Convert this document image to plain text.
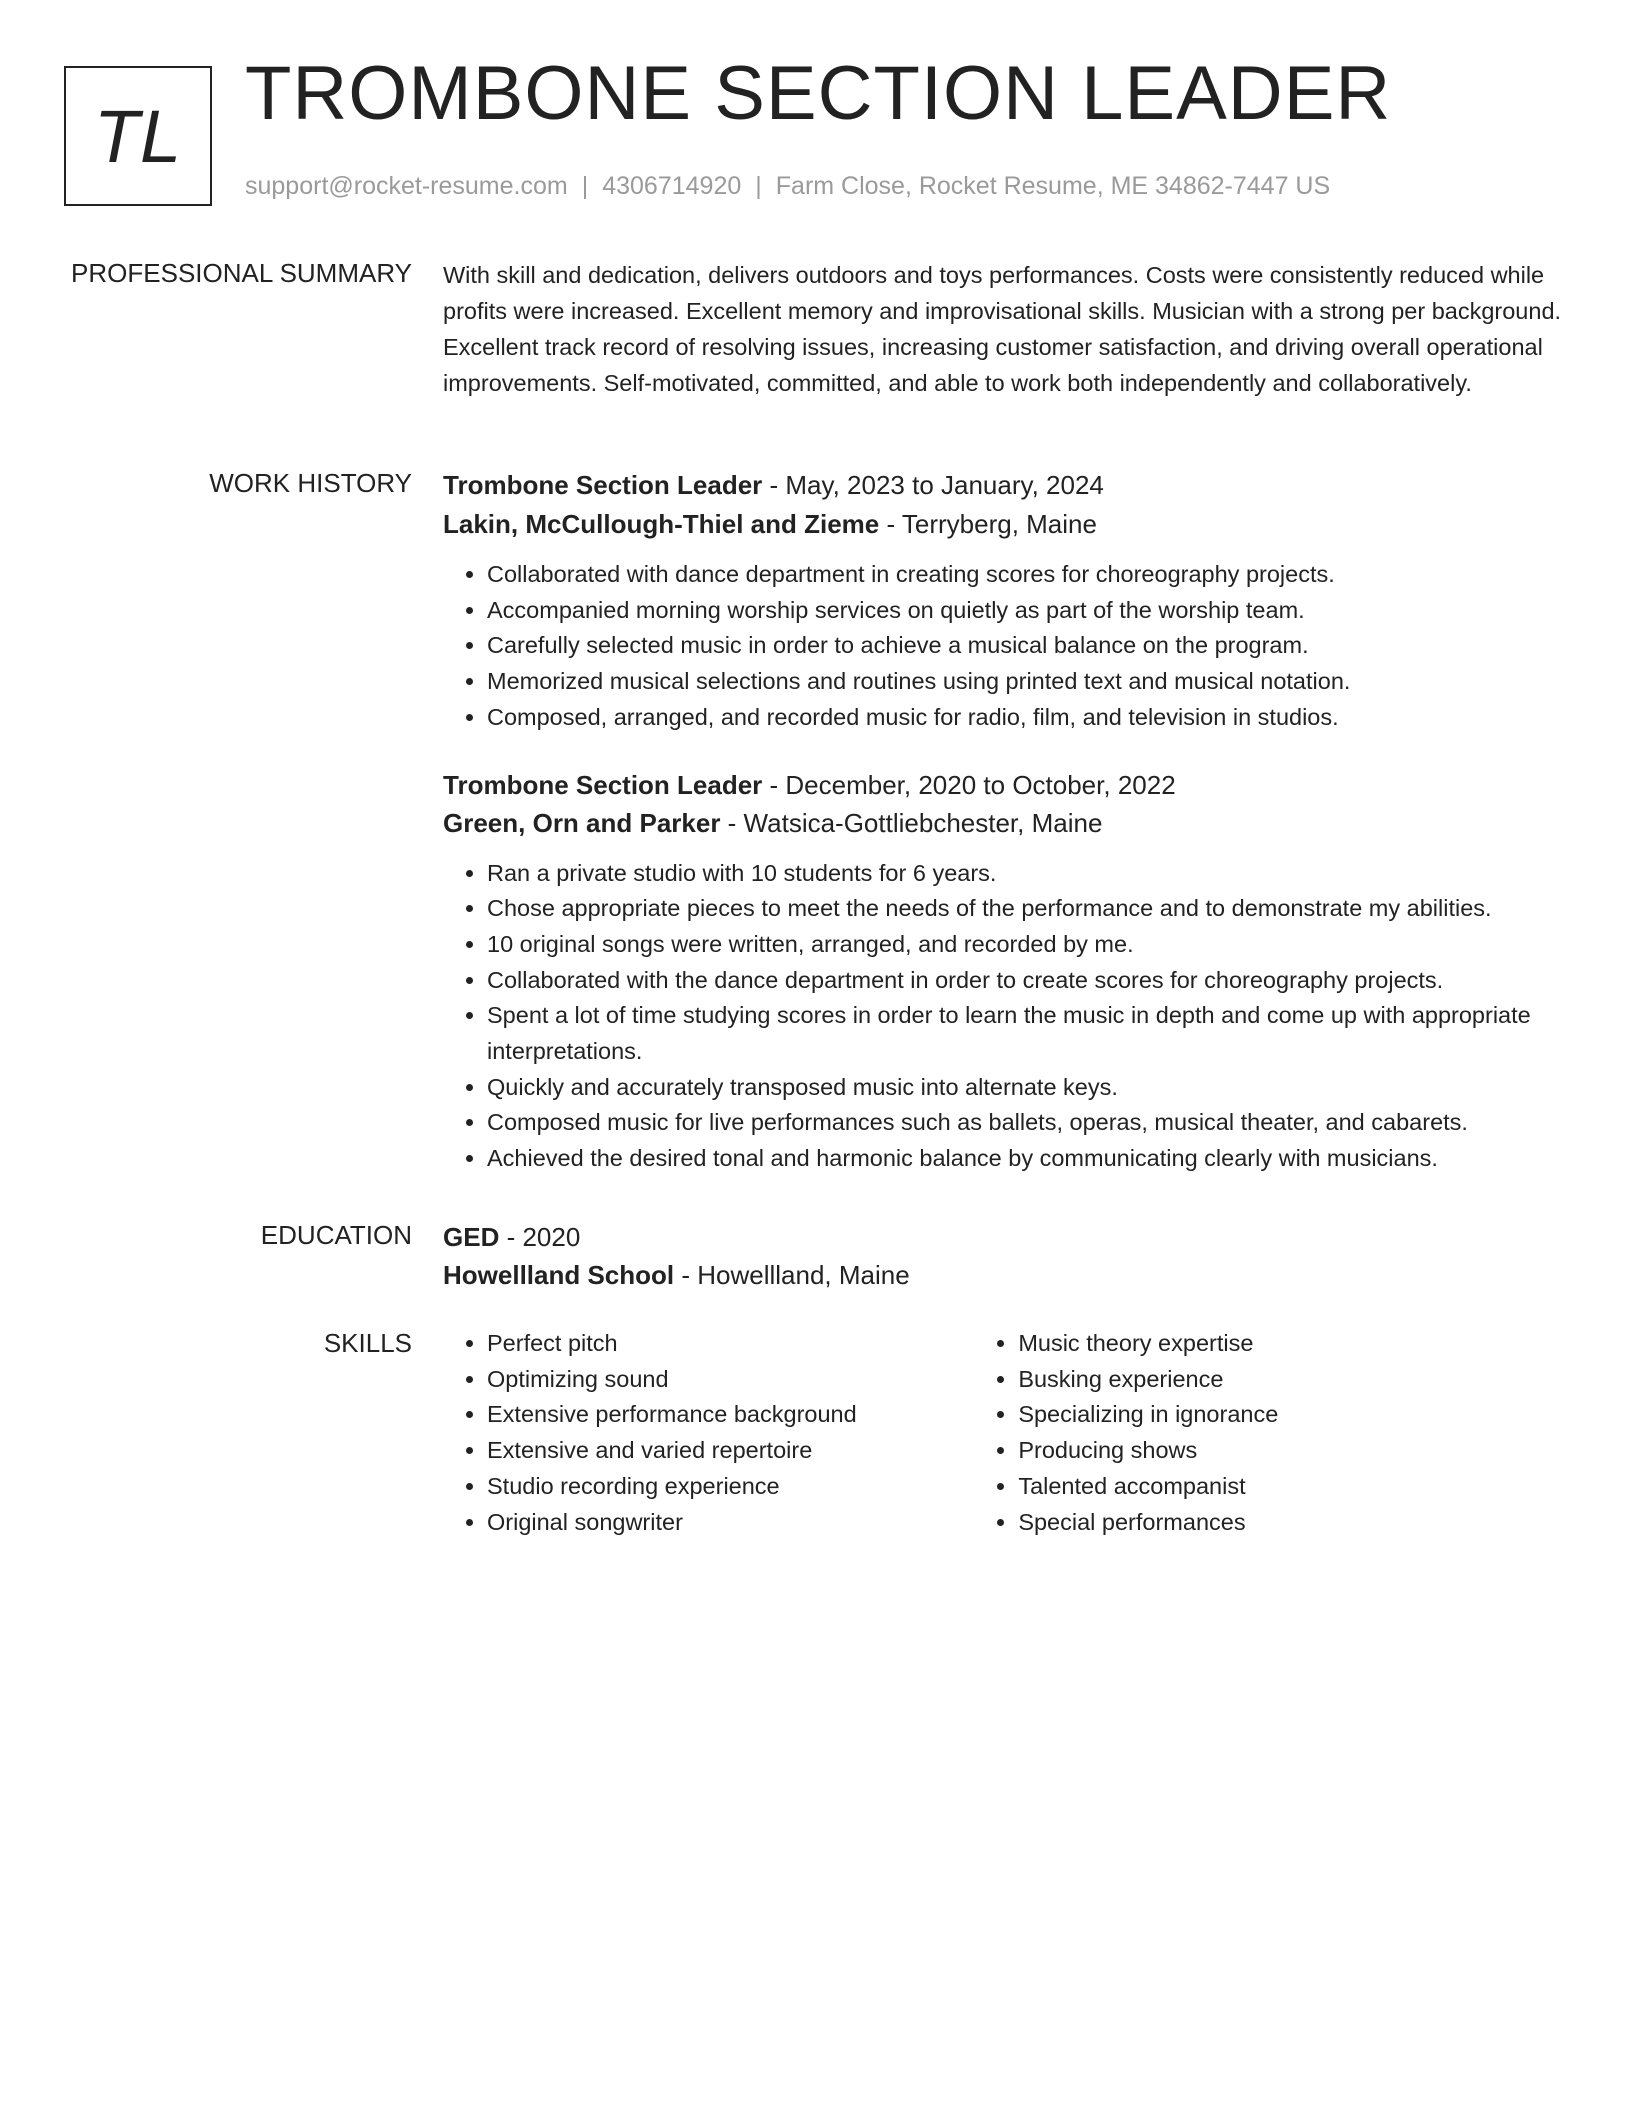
TL TROMBONE SECTION LEADER
support@rocket-resume.com | 4306714920 | Farm Close, Rocket Resume, ME 34862-7447 US
PROFESSIONAL SUMMARY With skill and dedication, delivers outdoors and toys performances. Costs were consistently reduced while profits were increased. Excellent memory and improvisational skills. Musician with a strong per background. Excellent track record of resolving issues, increasing customer satisfaction, and driving overall operational improvements. Self-motivated, committed, and able to work both independently and collaboratively.

WORK HISTORY Trombone Section Leader - May, 2023 to January, 2024
Lakin, McCullough-Thiel and Zieme - Terryberg, Maine
• Collaborated with dance department in creating scores for choreography projects.
• Accompanied morning worship services on quietly as part of the worship team.
• Carefully selected music in order to achieve a musical balance on the program.
• Memorized musical selections and routines using printed text and musical notation.
• Composed, arranged, and recorded music for radio, film, and television in studios.
Trombone Section Leader - December, 2020 to October, 2022
Green, Orn and Parker - Watsica-Gottliebchester, Maine
• Ran a private studio with 10 students for 6 years.
• Chose appropriate pieces to meet the needs of the performance and to demonstrate my abilities.
• 10 original songs were written, arranged, and recorded by me.
• Collaborated with the dance department in order to create scores for choreography projects.
• Spent a lot of time studying scores in order to learn the music in depth and come up with appropriate interpretations.
• Quickly and accurately transposed music into alternate keys.
• Composed music for live performances such as ballets, operas, musical theater, and cabarets.
• Achieved the desired tonal and harmonic balance by communicating clearly with musicians.
EDUCATION GED - 2020
Howellland School - Howellland, Maine
SKILLS
•	Perfect pitch
• Optimizing sound
• Extensive performance background
• Extensive and varied repertoire
• Studio recording experience
• Original songwriter
• Music theory expertise
• Busking experience
• Specializing in ignorance
• Producing shows
• Talented accompanist
• Special performances
